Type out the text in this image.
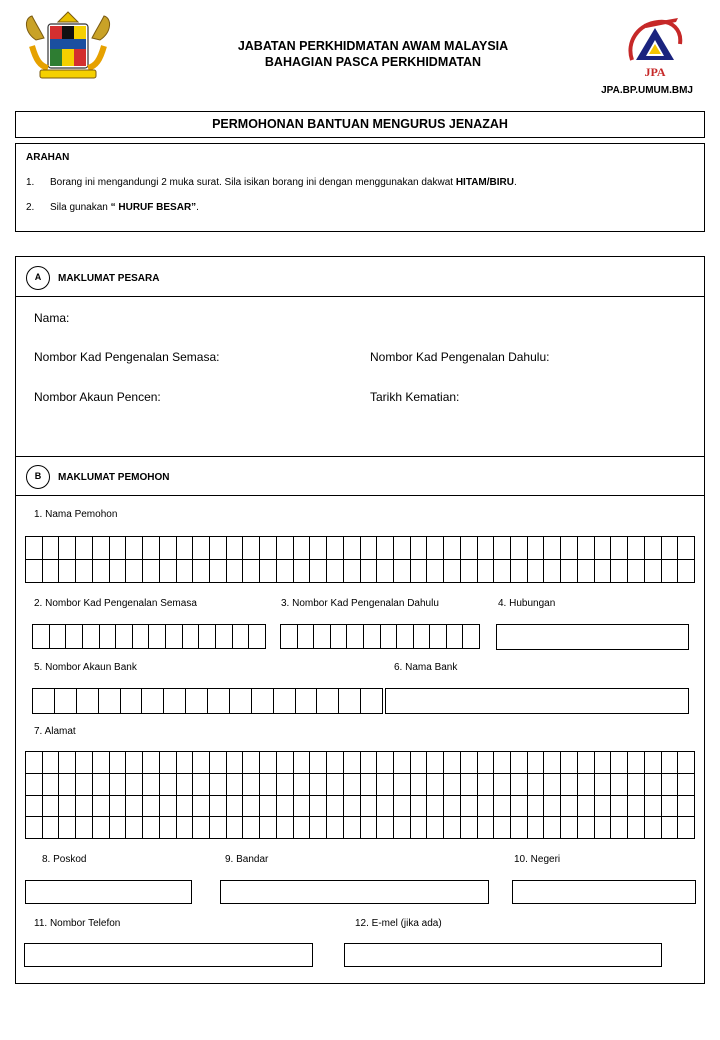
JABATAN PERKHIDMATAN AWAM MALAYSIA
BAHAGIAN PASCA PERKHIDMATAN
JPA
JPA.BP.UMUM.BMJ
PERMOHONAN BANTUAN MENGURUS JENAZAH
ARAHAN
1. Borang ini mengandungi 2 muka surat. Sila isikan borang ini dengan menggunakan dakwat HITAM/BIRU.
2. Sila gunakan “ HURUF BESAR”.
A	MAKLUMAT PESARA
Nama:
Nombor Kad Pengenalan Semasa:	Nombor Kad Pengenalan Dahulu:
Nombor Akaun Pencen:	Tarikh Kematian:
B	MAKLUMAT PEMOHON
1. Nama Pemohon
2. Nombor Kad Pengenalan Semasa	3. Nombor Kad Pengenalan Dahulu	4. Hubungan
5. Nombor Akaun Bank	6. Nama Bank
7. Alamat
8. Poskod	9. Bandar	10. Negeri
11. Nombor Telefon	12. E-mel (jika ada)
